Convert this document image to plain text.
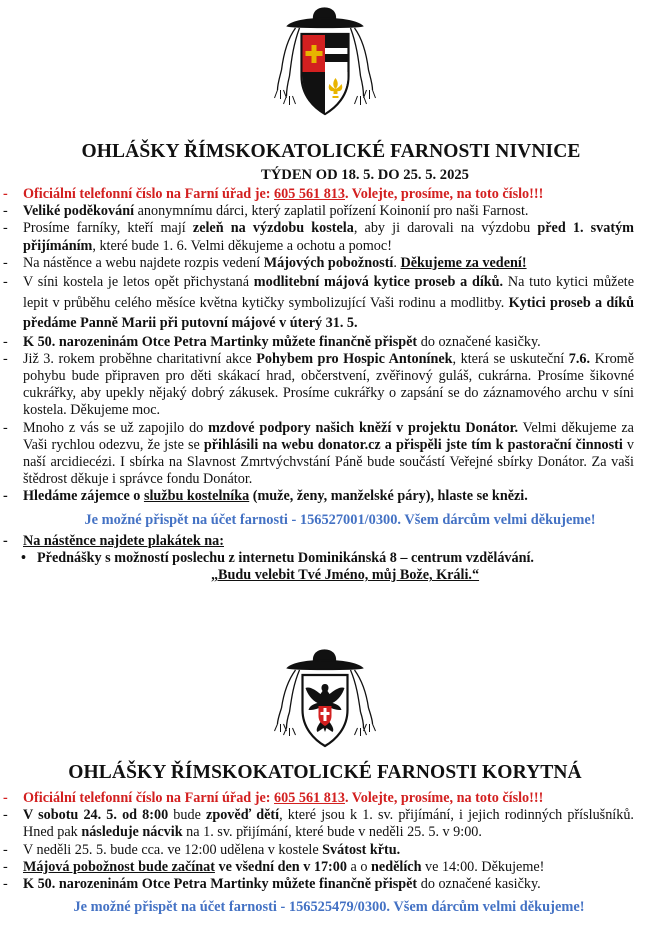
OHLÁŠKY ŘÍMSKOKATOLICKÉ FARNOSTI NIVNICE
TÝDEN OD 18. 5. DO 25. 5. 2025
- Oficiální telefonní číslo na Farní úřad je: 605 561 813. Volejte, prosíme, na toto číslo!!!
- Veliké poděkování anonymnímu dárci, který zaplatil pořízení Koinonií pro naši Farnost.
- Prosíme farníky, kteří mají zeleň na výzdobu kostela, aby ji darovali na výzdobu před 1. svatým přijímáním, které bude 1. 6. Velmi děkujeme a ochotu a pomoc!
- Na nástěnce a webu najdete rozpis vedení Májových pobožností. Děkujeme za vedení!
- V síni kostela je letos opět přichystaná modlitební májová kytice proseb a díků. Na tuto kytici můžete lepit v průběhu celého měsíce května kytičky symbolizující Vaši rodinu a modlitby. Kytici proseb a díků předáme Panně Marii při putovní májové v úterý 31. 5.
- K 50. narozeninám Otce Petra Martinky můžete finančně přispět do označené kasičky.
- Již 3. rokem proběhne charitativní akce Pohybem pro Hospic Antonínek, která se uskuteční 7.6. Kromě pohybu bude připraven pro děti skákací hrad, občerstvení, zvěřinový guláš, cukrárna. Prosíme šikovné cukrářky, aby upekly nějaký dobrý zákusek. Prosíme cukrářky o zapsání se do záznamového archu v síni kostela. Děkujeme moc.
- Mnoho z vás se už zapojilo do mzdové podpory našich kněží v projektu Donátor. Velmi děkujeme za Vaši rychlou odezvu, že jste se přihlásili na webu donator.cz a přispěli jste tím k pastorační činnosti v naší arcidiecézi. I sbírka na Slavnost Zmrtvýchvstání Páně bude součástí Veřejné sbírky Donátor. Za vaši štědrost děkuje i správce fondu Donátor.
- Hledáme zájemce o službu kostelníka (muže, ženy, manželské páry), hlaste se knězi.
Je možné přispět na účet farnosti - 156527001/0300. Všem dárcům velmi děkujeme!
- Na nástěnce najdete plakátek na:
• Přednášky s možností poslechu z internetu Dominikánská 8 – centrum vzdělávání.
„Budu velebit Tvé Jméno, můj Bože, Králi.“
OHLÁŠKY ŘÍMSKOKATOLICKÉ FARNOSTI KORYTNÁ
- Oficiální telefonní číslo na Farní úřad je: 605 561 813. Volejte, prosíme, na toto číslo!!!
- V sobotu 24. 5. od 8:00 bude zpověď dětí, které jsou k 1. sv. přijímání, i jejich rodinných příslušníků. Hned pak následuje nácvik na 1. sv. přijímání, které bude v neděli 25. 5. v 9:00.
- V neděli 25. 5. bude cca. ve 12:00 udělena v kostele Svátost křtu.
- Májová pobožnost bude začínat ve všední den v 17:00 a o nedělích ve 14:00. Děkujeme!
- K 50. narozeninám Otce Petra Martinky můžete finančně přispět do označené kasičky.
Je možné přispět na účet farnosti - 156525479/0300. Všem dárcům velmi děkujeme!
